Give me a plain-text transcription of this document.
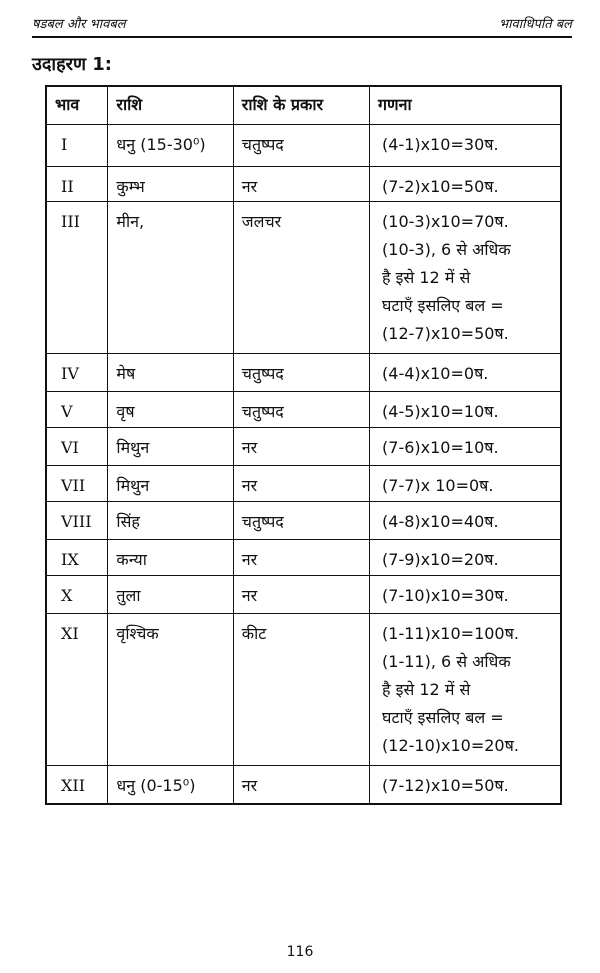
षडबल और भावबल	भावाधिपति बल
उदाहरण 1:
भाव	राशि	राशि के प्रकार	गणना
I	धनु (15-30⁰)	चतुष्पद	(4-1)x10=30ष.

II	कुम्भ	नर	(7-2)x10=50ष.

III	मीन,	जलचर	(10-3)x10=70ष.
(10-3), 6 से अधिक
है इसे 12 में से
घटाएँ इसलिए बल =
(12-7)x10=50ष.

IV	मेष	चतुष्पद	(4-4)x10=0ष.

V	वृष	चतुष्पद	(4-5)x10=10ष.

VI	मिथुन	नर	(7-6)x10=10ष.

VII	मिथुन	नर	(7-7)x 10=0ष.

VIII	सिंह	चतुष्पद	(4-8)x10=40ष.

IX	कन्या	नर	(7-9)x10=20ष.

X	तुला	नर	(7-10)x10=30ष.

XI	वृश्चिक	कीट	(1-11)x10=100ष.
(1-11), 6 से अधिक
है इसे 12 में से
घटाएँ इसलिए बल =
(12-10)x10=20ष.

XII	धनु (0-15⁰)	नर	(7-12)x10=50ष.
116
